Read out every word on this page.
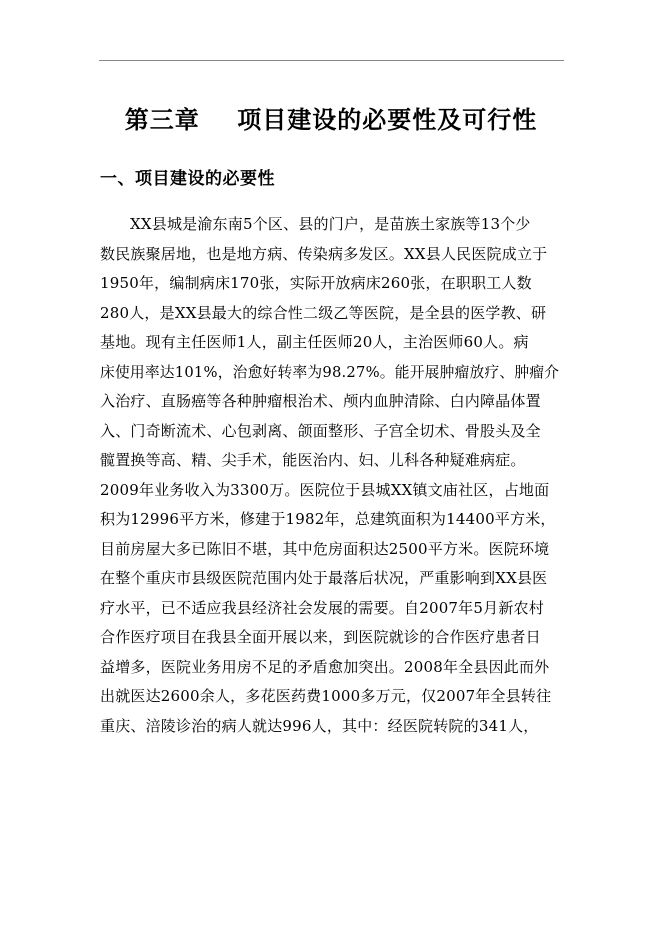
第三章    项目建设的必要性及可行性
一、项目建设的必要性
XX县城是渝东南5个区、县的门户，是苗族土家族等13个少
数民族聚居地，也是地方病、传染病多发区。XX县人民医院成立于
1950年，编制病床170张，实际开放病床260张，在职职工人数
280人，是XX县最大的综合性二级乙等医院，是全县的医学教、研
基地。现有主任医师1人，副主任医师20人，主治医师60人。病
床使用率达101%，治愈好转率为98.27%。能开展肿瘤放疗、肿瘤介
入治疗、直肠癌等各种肿瘤根治术、颅内血肿清除、白内障晶体置
入、门奇断流术、心包剥离、颌面整形、子宫全切术、骨股头及全
髋置换等高、精、尖手术，能医治内、妇、儿科各种疑难病症。
2009年业务收入为3300万。医院位于县城XX镇文庙社区，占地面
积为12996平方米，修建于1982年，总建筑面积为14400平方米，
目前房屋大多已陈旧不堪，其中危房面积达2500平方米。医院环境
在整个重庆市县级医院范围内处于最落后状况，严重影响到XX县医
疗水平，已不适应我县经济社会发展的需要。自2007年5月新农村
合作医疗项目在我县全面开展以来，到医院就诊的合作医疗患者日
益增多，医院业务用房不足的矛盾愈加突出。2008年全县因此而外
出就医达2600余人，多花医药费1000多万元，仅2007年全县转往
重庆、涪陵诊治的病人就达996人，其中：经医院转院的341人，
